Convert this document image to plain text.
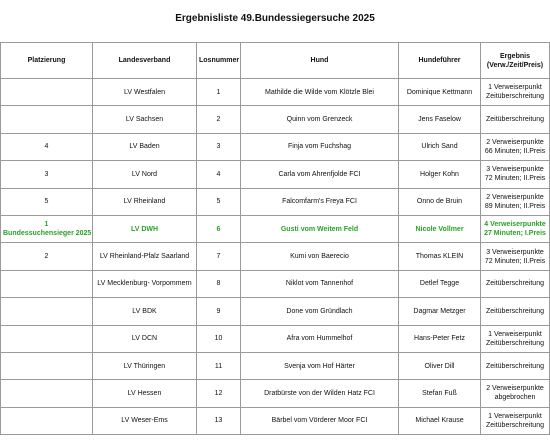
Ergebnisliste 49.Bundessiegersuche 2025
Platzierung	Landesverband	Losnummer	Hund	Hundeführer	Ergebnis
(Verw./Zeit/Preis)

	LV Westfalen	1	Mathilde die Wilde vom Klötzle Blei	Dominique Kettmann	1 Verweiserpunkt
Zeitüberschreitung

	LV Sachsen	2	Quinn vom Grenzeck	Jens Faselow	Zeitüberschreitung

4	LV Baden	3	Finja vom Fuchshag	Ulrich Sand	2 Verweiserpunkte
66 Minuten; II.Preis

3	LV Nord	4	Carla vom Ahrenfjolde FCI	Holger Kohn	3 Verweiserpunkte
72 Minuten; II.Preis

5	LV Rheinland	5	Falcomfarm's Freya FCI	Onno de Bruin	2 Verweiserpunkte
89 Minuten; II.Preis

1
Bundessuchensieger 2025	LV DWH	6	Gusti vom Weitem Feld	Nicole Vollmer	4 Verweiserpunkte
27 Minuten; I.Preis

2	LV Rheinland-Pfalz Saarland	7	Kumi von Baerecio	Thomas KLEIN	3 Verweiserpunkte
72 Minuten; II.Preis

	LV Mecklenburg- Vorpommern	8	Niklot vom Tannenhof	Detlef Tegge	Zeitüberschreitung

	LV BDK	9	Done vom Gründlach	Dagmar Metzger	Zeitüberschreitung

	LV DCN	10	Afra vom Hummelhof	Hans-Peter Fetz	1 Verweiserpunkt
Zeitüberschreitung

	LV Thüringen	11	Svenja vom Hof Härter	Oliver Dill	Zeitüberschreitung

	LV Hessen	12	Dratbürste von der Wilden Hatz FCI	Stefan Fuß	2 Verweiserpunkte
abgebrochen

	LV Weser-Ems	13	Bärbel vom Vörderer Moor FCI	Michael Krause	1 Verweiserpunkt
Zeitüberschreitung
